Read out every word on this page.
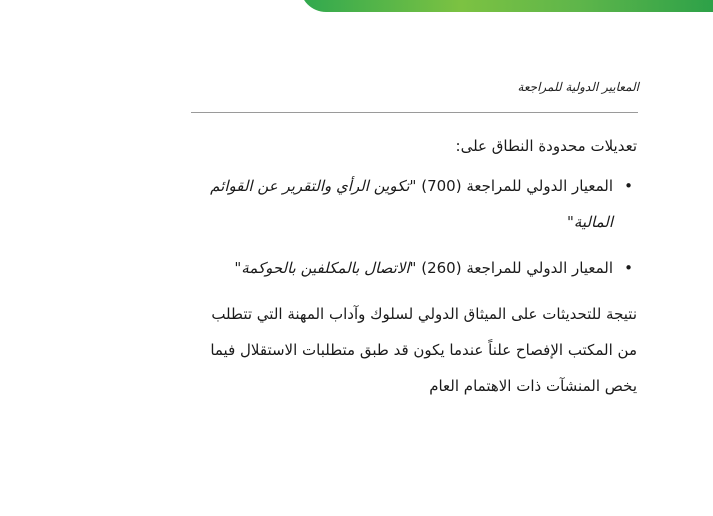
المعايير الدولية للمراجعة

تعديلات محدودة النطاق على:

•
المعيار الدولي للمراجعة (700) "تكوين الرأي والتقرير عن القوائم المالية"
•
المعيار الدولي للمراجعة (260) "الاتصال بالمكلفين بالحوكمة"

نتيجة للتحديثات على الميثاق الدولي لسلوك وآداب المهنة التي تتطلب من المكتب الإفصاح علناً عندما يكون قد طبق متطلبات الاستقلال فيما يخص المنشآت ذات الاهتمام العام
